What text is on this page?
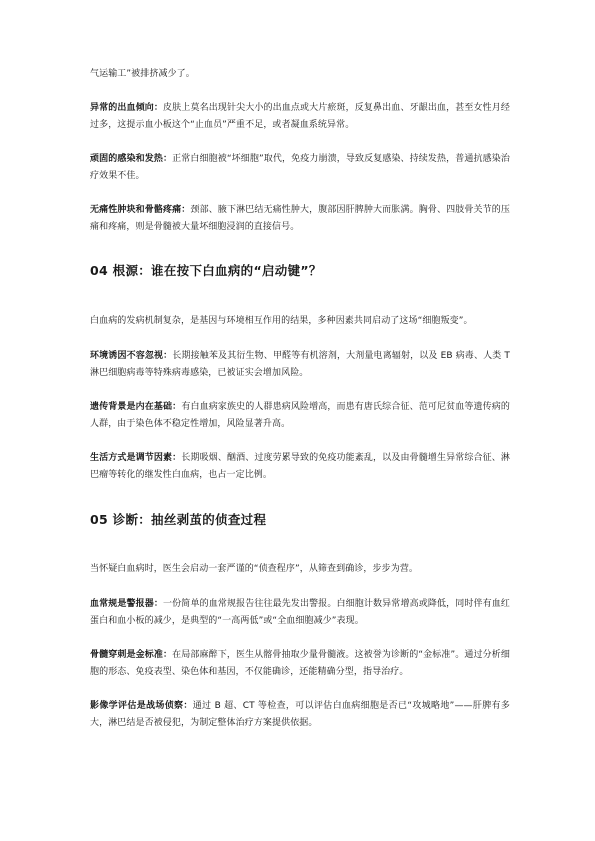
气运输工”被排挤减少了。

异常的出血倾向：皮肤上莫名出现针尖大小的出血点或大片瘀斑，反复鼻出血、牙龈出血，甚至女性月经过多，这提示血小板这个“止血员”严重不足，或者凝血系统异常。

顽固的感染和发热：正常白细胞被“坏细胞”取代，免疫力崩溃，导致反复感染、持续发热，普通抗感染治疗效果不佳。

无痛性肿块和骨骼疼痛：颈部、腋下淋巴结无痛性肿大，腹部因肝脾肿大而胀满。胸骨、四肢骨关节的压痛和疼痛，则是骨髓被大量坏细胞浸润的直接信号。

04 根源：谁在按下白血病的“启动键”？

白血病的发病机制复杂，是基因与环境相互作用的结果，多种因素共同启动了这场“细胞叛变”。

环境诱因不容忽视：长期接触苯及其衍生物、甲醛等有机溶剂，大剂量电离辐射，以及 EB 病毒、人类 T 淋巴细胞病毒等特殊病毒感染，已被证实会增加风险。

遗传背景是内在基础：有白血病家族史的人群患病风险增高，而患有唐氏综合征、范可尼贫血等遗传病的人群，由于染色体不稳定性增加，风险显著升高。

生活方式是调节因素：长期吸烟、酗酒、过度劳累导致的免疫功能紊乱，以及由骨髓增生异常综合征、淋巴瘤等转化的继发性白血病，也占一定比例。

05 诊断：抽丝剥茧的侦查过程

当怀疑白血病时，医生会启动一套严谨的“侦查程序”，从筛查到确诊，步步为营。

血常规是警报器：一份简单的血常规报告往往最先发出警报。白细胞计数异常增高或降低，同时伴有血红蛋白和血小板的减少，是典型的“一高两低”或“全血细胞减少”表现。

骨髓穿刺是金标准：在局部麻醉下，医生从髂骨抽取少量骨髓液。这被誉为诊断的“金标准”。通过分析细胞的形态、免疫表型、染色体和基因，不仅能确诊，还能精确分型，指导治疗。

影像学评估是战场侦察：通过 B 超、CT 等检查，可以评估白血病细胞是否已“攻城略地”——肝脾有多大，淋巴结是否被侵犯，为制定整体治疗方案提供依据。
